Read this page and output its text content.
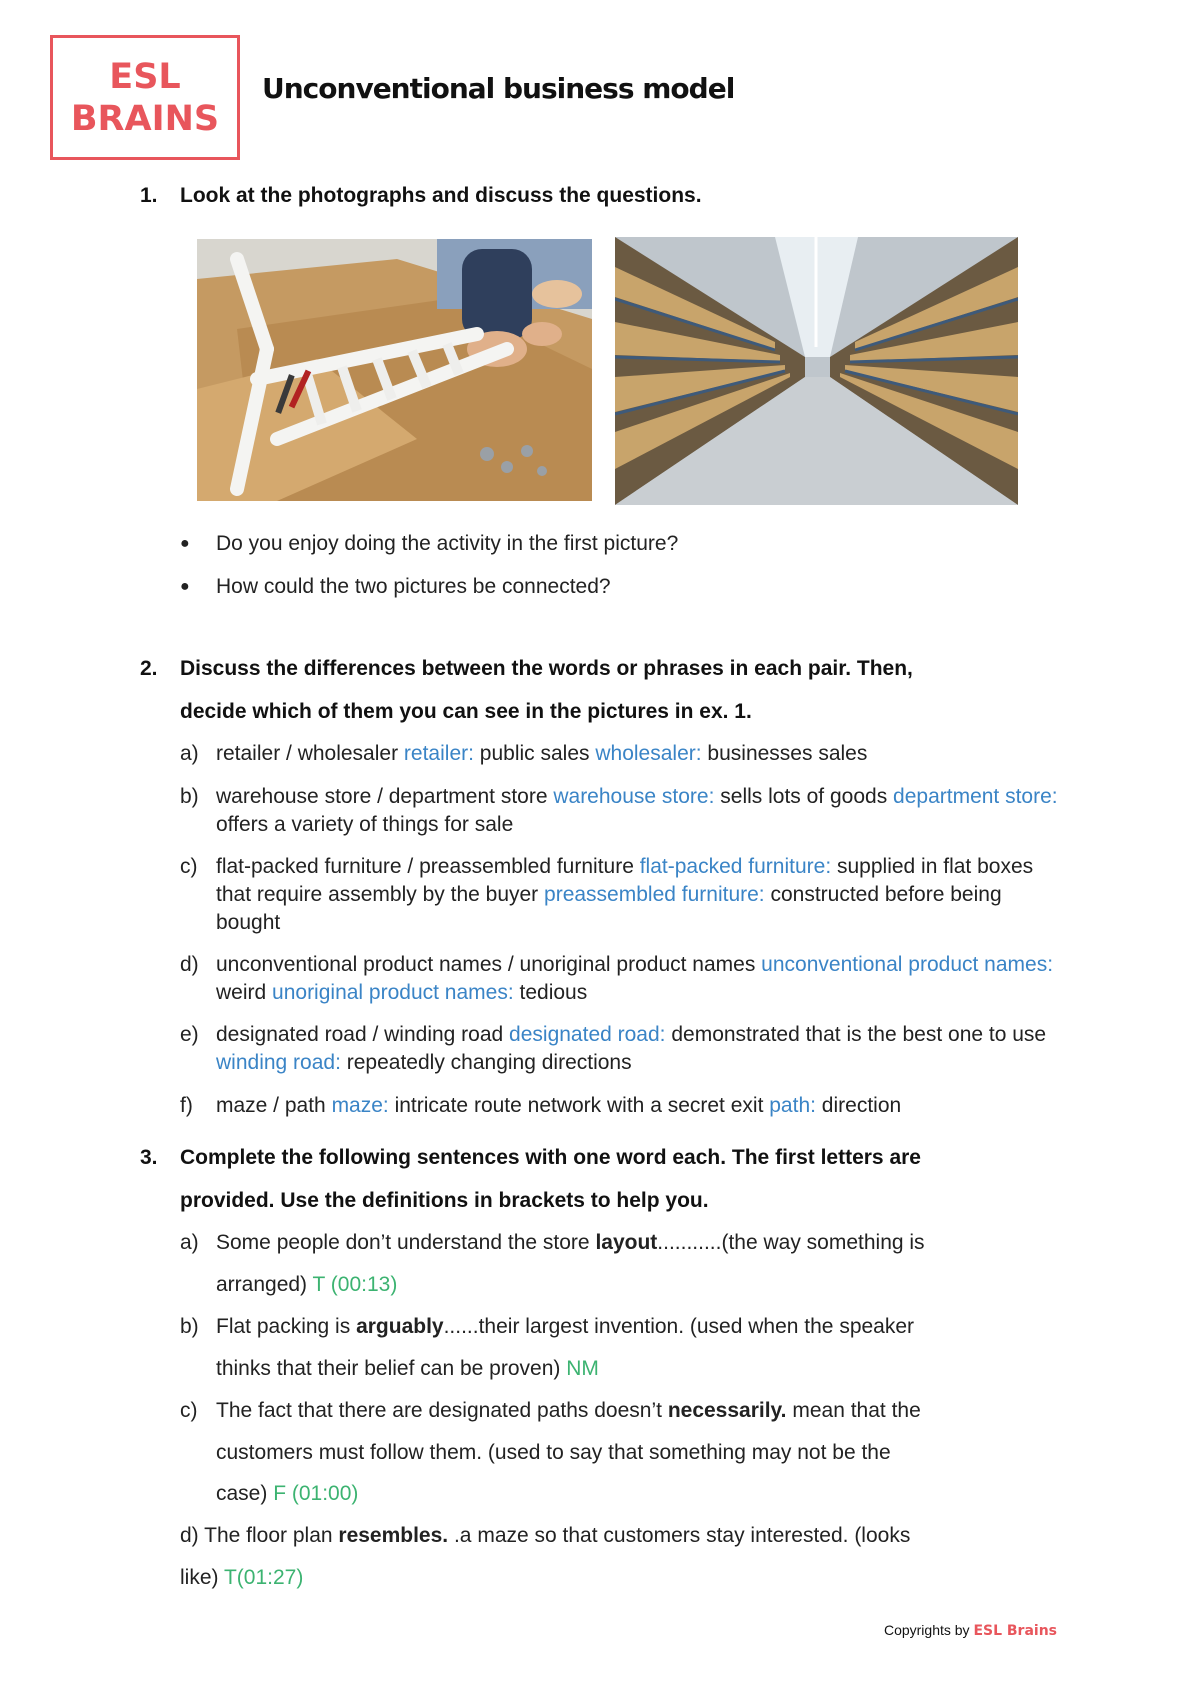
ESL
BRAINS
Unconventional business model
1. Look at the photographs and discuss the questions.
● Do you enjoy doing the activity in the first picture?
● How could the two pictures be connected?
2. Discuss the differences between the words or phrases in each pair. Then,
decide which of them you can see in the pictures in ex. 1.
a) retailer / wholesaler retailer: public sales wholesaler: businesses sales
b) warehouse store / department store warehouse store: sells lots of goods department store:
offers a variety of things for sale
c) flat-packed furniture / preassembled furniture flat-packed furniture: supplied in flat boxes
that require assembly by the buyer preassembled furniture: constructed before being
bought
d) unconventional product names / unoriginal product names unconventional product names:
weird unoriginal product names: tedious
e) designated road / winding road designated road: demonstrated that is the best one to use
winding road: repeatedly changing directions
f) maze / path maze: intricate route network with a secret exit path: direction
3. Complete the following sentences with one word each. The first letters are
provided. Use the definitions in brackets to help you.
a) Some people don’t understand the store layout...........(the way something is
arranged) T (00:13)
b) Flat packing is arguably......their largest invention. (used when the speaker
thinks that their belief can be proven) NM
c) The fact that there are designated paths doesn’t necessarily. mean that the
customers must follow them. (used to say that something may not be the
case) F (01:00)
d) The floor plan resembles. .a maze so that customers stay interested. (looks
like) T(01:27)
Copyrights by ESL Brains
